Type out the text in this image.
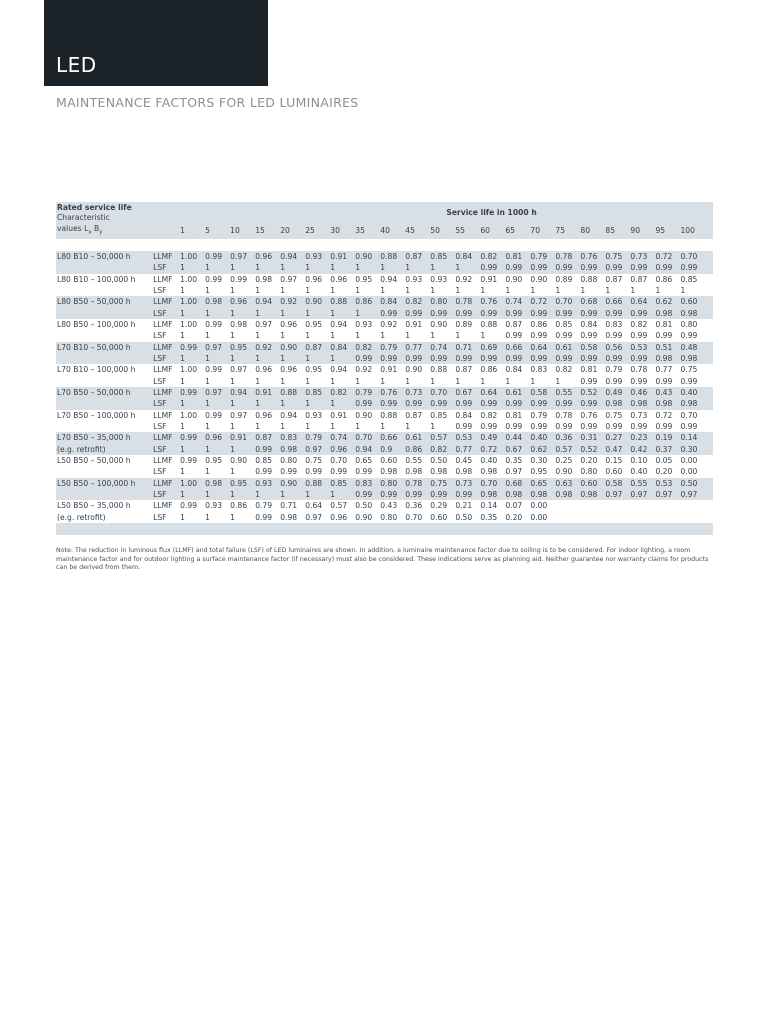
LED
MAINTENANCE FACTORS FOR LED LUMINAIRES
Rated service life		Service life in 1000 h																				
Characteristic																						
values $L_x$ $B_y$		1	5	10	15	20	25	30	35	40	45	50	55	60	65	70	75	80	85	90	95	100

L80 B10 – 50,000 h	LLMF	1.00	0.99	0.97	0.96	0.94	0.93	0.91	0.90	0.88	0.87	0.85	0.84	0.82	0.81	0.79	0.78	0.76	0.75	0.73	0.72	0.70
	LSF	1	1	1	1	1	1	1	1	1	1	1	1	0.99	0.99	0.99	0.99	0.99	0.99	0.99	0.99	0.99
L80 B10 – 100,000 h	LLMF	1.00	0.99	0.99	0.98	0.97	0.96	0.96	0.95	0.94	0.93	0.93	0.92	0.91	0.90	0.90	0.89	0.88	0.87	0.87	0.86	0.85
	LSF	1	1	1	1	1	1	1	1	1	1	1	1	1	1	1	1	1	1	1	1	1
L80 B50 – 50,000 h	LLMF	1.00	0.98	0.96	0.94	0.92	0.90	0.88	0.86	0.84	0.82	0.80	0.78	0.76	0.74	0.72	0.70	0.68	0.66	0.64	0.62	0.60
	LSF	1	1	1	1	1	1	1	1	0.99	0.99	0.99	0.99	0.99	0.99	0.99	0.99	0.99	0.99	0.99	0.98	0.98
L80 B50 – 100,000 h	LLMF	1.00	0.99	0.98	0.97	0.96	0.95	0.94	0.93	0.92	0.91	0.90	0.89	0.88	0.87	0.86	0.85	0.84	0.83	0.82	0.81	0.80
	LSF	1	1	1	1	1	1	1	1	1	1	1	1	1	0.99	0.99	0.99	0.99	0.99	0.99	0.99	0.99
L70 B10 – 50,000 h	LLMF	0.99	0.97	0.95	0.92	0.90	0.87	0.84	0.82	0.79	0.77	0.74	0.71	0.69	0.66	0.64	0.61	0.58	0.56	0.53	0.51	0.48
	LSF	1	1	1	1	1	1	1	0.99	0.99	0.99	0.99	0.99	0.99	0.99	0.99	0.99	0.99	0.99	0.99	0.98	0.98
L70 B10 – 100,000 h	LLMF	1.00	0.99	0.97	0.96	0.96	0.95	0.94	0.92	0.91	0.90	0.88	0.87	0.86	0.84	0.83	0.82	0.81	0.79	0.78	0.77	0.75
	LSF	1	1	1	1	1	1	1	1	1	1	1	1	1	1	1	1	0.99	0.99	0.99	0.99	0.99
L70 B50 – 50,000 h	LLMF	0.99	0.97	0.94	0.91	0.88	0.85	0.82	0.79	0.76	0.73	0.70	0.67	0.64	0.61	0.58	0.55	0.52	0.49	0.46	0.43	0.40
	LSF	1	1	1	1	1	1	1	0.99	0.99	0.99	0.99	0.99	0.99	0.99	0.99	0.99	0.99	0.98	0.98	0.98	0.98
L70 B50 – 100,000 h	LLMF	1.00	0.99	0.97	0.96	0.94	0.93	0.91	0.90	0.88	0.87	0.85	0.84	0.82	0.81	0.79	0.78	0.76	0.75	0.73	0.72	0.70
	LSF	1	1	1	1	1	1	1	1	1	1	1	0.99	0.99	0.99	0.99	0.99	0.99	0.99	0.99	0.99	0.99
L70 B50 – 35,000 h	LLMF	0.99	0.96	0.91	0.87	0.83	0.79	0.74	0.70	0.66	0.61	0.57	0.53	0.49	0.44	0.40	0.36	0.31	0.27	0.23	0.19	0.14
(e.g. retrofit)	LSF	1	1	1	0.99	0.98	0.97	0.96	0.94	0.9	0.86	0.82	0.77	0.72	0.67	0.62	0.57	0.52	0.47	0.42	0.37	0.30
L50 B50 – 50,000 h	LLMF	0.99	0.95	0.90	0.85	0.80	0.75	0.70	0.65	0.60	0.55	0.50	0.45	0.40	0.35	0.30	0.25	0.20	0.15	0.10	0.05	0.00
	LSF	1	1	1	0.99	0.99	0.99	0.99	0.99	0.98	0.98	0.98	0.98	0.98	0.97	0.95	0.90	0.80	0.60	0.40	0.20	0.00
L50 B50 – 100,000 h	LLMF	1.00	0.98	0.95	0.93	0.90	0.88	0.85	0.83	0.80	0.78	0.75	0.73	0.70	0.68	0.65	0.63	0.60	0.58	0.55	0.53	0.50
	LSF	1	1	1	1	1	1	1	0.99	0.99	0.99	0.99	0.99	0.98	0.98	0.98	0.98	0.98	0.97	0.97	0.97	0.97
L50 B50 – 35,000 h	LLMF	0.99	0.93	0.86	0.79	0.71	0.64	0.57	0.50	0.43	0.36	0.29	0.21	0.14	0.07	0.00						
(e.g. retrofit)	LSF	1	1	1	0.99	0.98	0.97	0.96	0.90	0.80	0.70	0.60	0.50	0.35	0.20	0.00						

Note: The reduction in luminous flux (LLMF) and total failure (LSF) of LED luminaires are shown. In addition, a luminaire maintenance factor due to soiling is to be considered. For indoor lighting, a room maintenance factor and for outdoor lighting a surface maintenance factor (if necessary) must also be considered. These indications serve as planning aid. Neither guarantee nor warranty claims for products can be derived from them.
